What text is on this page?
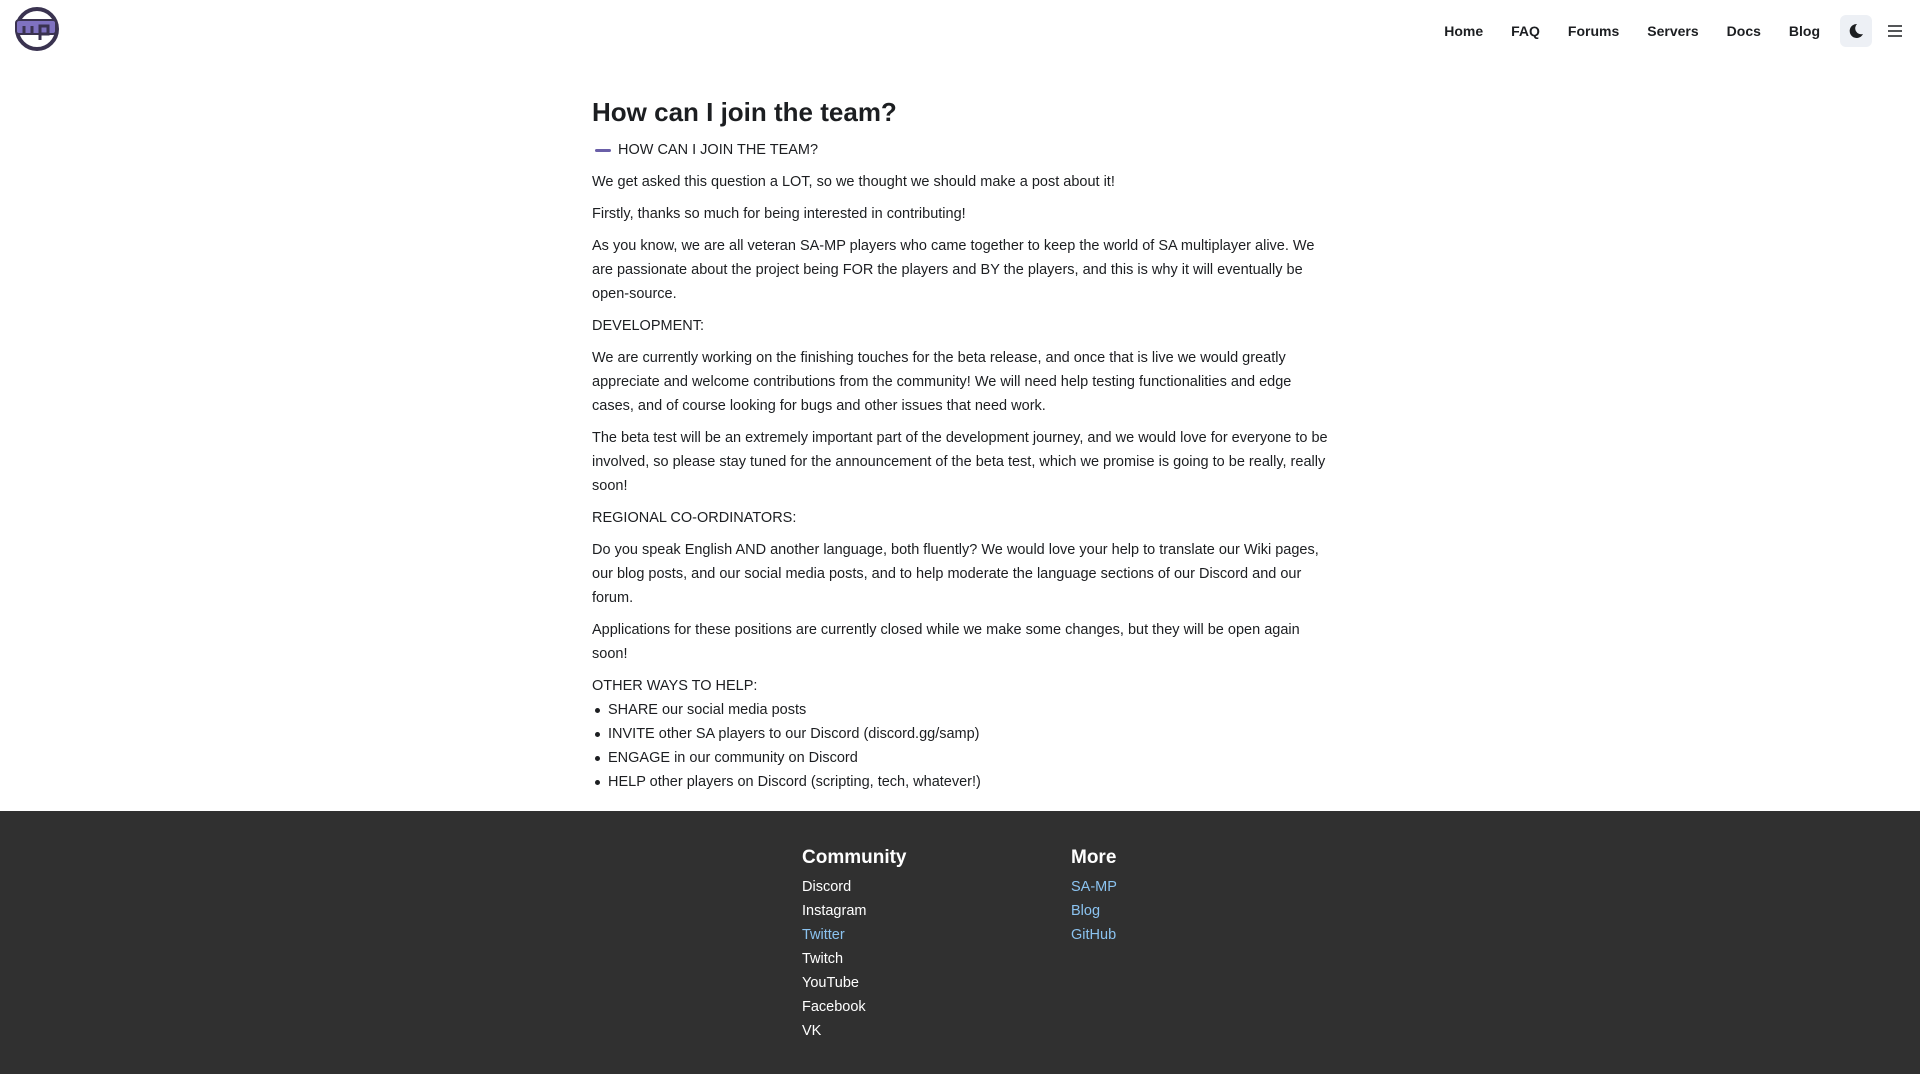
Home FAQ Forums Servers Docs Blog
How can I join the team?
HOW CAN I JOIN THE TEAM?

We get asked this question a LOT, so we thought we should make a post about it!

Firstly, thanks so much for being interested in contributing!

As you know, we are all veteran SA-MP players who came together to keep the world of SA multiplayer alive. We are passionate about the project being FOR the players and BY the players, and this is why it will eventually be open-source.

DEVELOPMENT:

We are currently working on the finishing touches for the beta release, and once that is live we would greatly appreciate and welcome contributions from the community! We will need help testing functionalities and edge cases, and of course looking for bugs and other issues that need work.

The beta test will be an extremely important part of the development journey, and we would love for everyone to be involved, so please stay tuned for the announcement of the beta test, which we promise is going to be really, really soon!

REGIONAL CO-ORDINATORS:

Do you speak English AND another language, both fluently? We would love your help to translate our Wiki pages, our blog posts, and our social media posts, and to help moderate the language sections of our Discord and our forum.

Applications for these positions are currently closed while we make some changes, but they will be open again soon!

OTHER WAYS TO HELP:

SHARE our social media posts
INVITE other SA players to our Discord (discord.gg/samp)
ENGAGE in our community on Discord
HELP other players on Discord (scripting, tech, whatever!)
Community
Discord
Instagram
Twitter
Twitch
YouTube
Facebook
VK
More
SA-MP
Blog
GitHub
